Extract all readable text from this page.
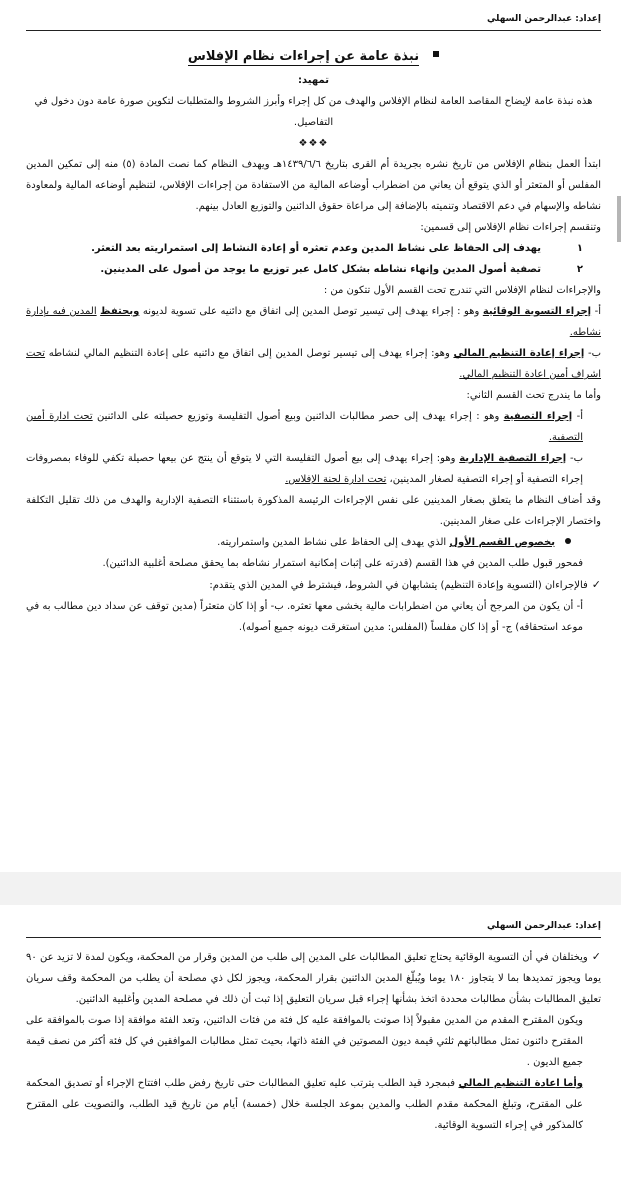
إعداد: عبدالرحمن السهلي
نبذة عامة عن إجراءات نظام الإفلاس

تمهيد:

هذه نبذة عامة لإيضاح المقاصد العامة لنظام الإفلاس والهدف من كل إجراء وأبرز الشروط والمتطلبات لتكوين صورة عامة دون دخول في التفاصيل.

❖❖❖

ابتدأ العمل بنظام الإفلاس من تاريخ نشره بجريدة أم القرى بتاريخ ١٤٣٩/٦/٦هـ ويهدف النظام كما نصت المادة (٥) منه إلى تمكين المدين المفلس أو المتعثر أو الذي يتوقع أن يعاني من اضطراب أوضاعه المالية من الاستفادة من إجراءات الإفلاس، لتنظيم أوضاعه المالية ولمعاودة نشاطه والإسهام في دعم الاقتصاد وتنميته بالإضافة إلى مراعاة حقوق الدائنين والتوزيع العادل بينهم.

وتنقسم إجراءات نظام الإفلاس إلى قسمين:

١يهدف إلى الحفاظ على نشاط المدين وعدم تعثره أو إعادة النشاط إلى استمراريته بعد التعثر.

٢تصفية أصول المدين وإنهاء نشاطه بشكل كامل عبر توزيع ما يوجد من أصول على المدينين.

والإجراءات لنظام الإفلاس التي تندرج تحت القسم الأول تتكون من :

أ- إجراء التسوية الوقائية وهو : إجراء يهدف إلى تيسير توصل المدين إلى اتفاق مع دائنيه على تسوية لديونه وبحتفظ المدين فيه بإدارة نشاطه.

ب- إجراء إعادة التنظيم المالي وهو: إجراء يهدف إلى تيسير توصل المدين إلى اتفاق مع دائنيه على إعادة التنظيم المالي لنشاطه تحت اشراف أمين اعادة التنظيم المالي.

وأما ما يندرج تحت القسم الثاني:

أ- إجراء التصفية وهو : إجراء يهدف إلى حصر مطالبات الدائنين وبيع أصول التفليسة وتوزيع حصيلته على الدائنين تحت ادارة أمين التصفية.

ب- إجراء التصفية الإدارية وهو: إجراء يهدف إلى بيع أصول التفليسة التي لا يتوقع أن ينتج عن بيعها حصيلة تكفي للوفاء بمصروفات إجراء التصفية أو إجراء التصفية لصغار المدينين، تحت ادارة لجنة الإفلاس.

وقد أضاف النظام ما يتعلق بصغار المدينين على نفس الإجراءات الرئيسة المذكورة باستثناء التصفية الإدارية والهدف من ذلك تقليل التكلفة واختصار الإجراءات على صغار المدينين.

بخصوص القسم الأول الذي يهدف إلى الحفاظ على نشاط المدين واستمراريته.

فمحور قبول طلب المدين في هذا القسم (قدرته على إثبات إمكانية استمرار نشاطه بما يحقق مصلحة أغلبية الدائنين).

✓فالإجراءان (التسوية وإعادة التنظيم) يتشابهان في الشروط، فيشترط في المدين الذي يتقدم:

أ- أن يكون من المرجح أن يعاني من اضطرابات مالية يخشى معها تعثره. ب- أو إذا كان متعثراً (مدين توقف عن سداد دين مطالب به في موعد استحقاقه) ج- أو إذا كان مفلساً (المفلس: مدين استغرقت ديونه جميع أصوله).

إعداد: عبدالرحمن السهلي

✓ويختلفان في أن التسوية الوقائية يحتاج تعليق المطالبات على المدين إلى طلب من المدين وقرار من المحكمة، ويكون لمدة لا تزيد عن ٩٠ يوما ويجوز تمديدها بما لا يتجاوز ١٨٠ يوما ويُبلّغ المدين الدائنين بقرار المحكمة، ويجوز لكل ذي مصلحة أن يطلب من المحكمة وقف سريان تعليق المطالبات بشأن مطالبات محددة اتخذ بشأنها إجراء قبل سريان التعليق إذا ثبت أن ذلك في مصلحة المدين وأغلبية الدائنين.

ويكون المقترح المقدم من المدين مقبولاً إذا صوتت بالموافقة عليه كل فئة من فئات الدائنين، وتعد الفئة موافقة إذا صوت بالموافقة على المقترح دائنون تمثل مطالباتهم ثلثي قيمة ديون المصوتين في الفئة ذاتها، بحيث تمثل مطالبات الموافقين في كل فئة أكثر من نصف قيمة جميع الديون .

وأما اعادة التنظيم المالي فبمجرد قيد الطلب يترتب عليه تعليق المطالبات حتى تاريخ رفض طلب افتتاح الإجراء أو تصديق المحكمة على المقترح، وتبلغ المحكمة مقدم الطلب والمدين بموعد الجلسة خلال (خمسة) أيام من تاريخ قيد الطلب، والتصويت على المقترح كالمذكور في إجراء التسوية الوقائية.
